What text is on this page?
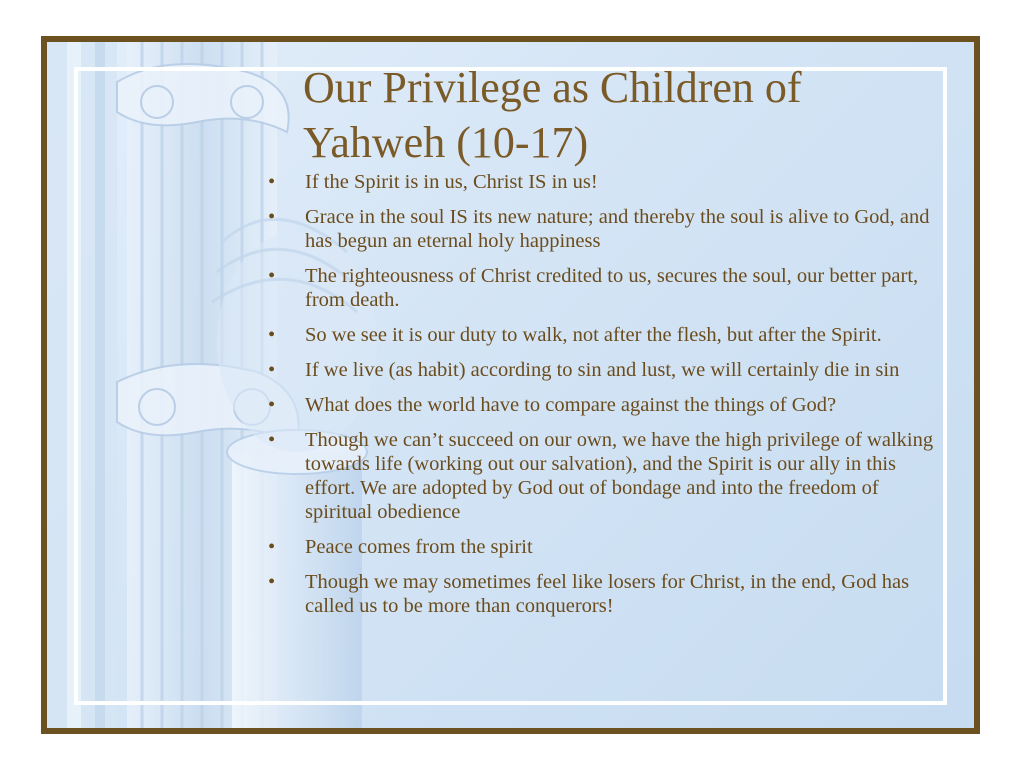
Our Privilege as Children of Yahweh (10-17)
•	If the Spirit is in us, Christ IS in us!
•	Grace in the soul IS its new nature; and thereby the soul is alive to God, and has begun an eternal holy happiness
•	The righteousness of Christ credited to us, secures the soul, our better part, from death.
•	So we see it is our duty to walk, not after the flesh, but after the Spirit.
•	If we live (as habit) according to sin and lust, we will certainly die in sin
•	What does the world have to compare against the things of God?
•	Though we can’t succeed on our own, we have the high privilege of walking towards life (working out our salvation), and the Spirit is our ally in this effort. We are adopted by God out of bondage and into the freedom of spiritual obedience
•	Peace comes from the spirit
•	Though we may sometimes feel like losers for Christ, in the end, God has called us to be more than conquerors!
